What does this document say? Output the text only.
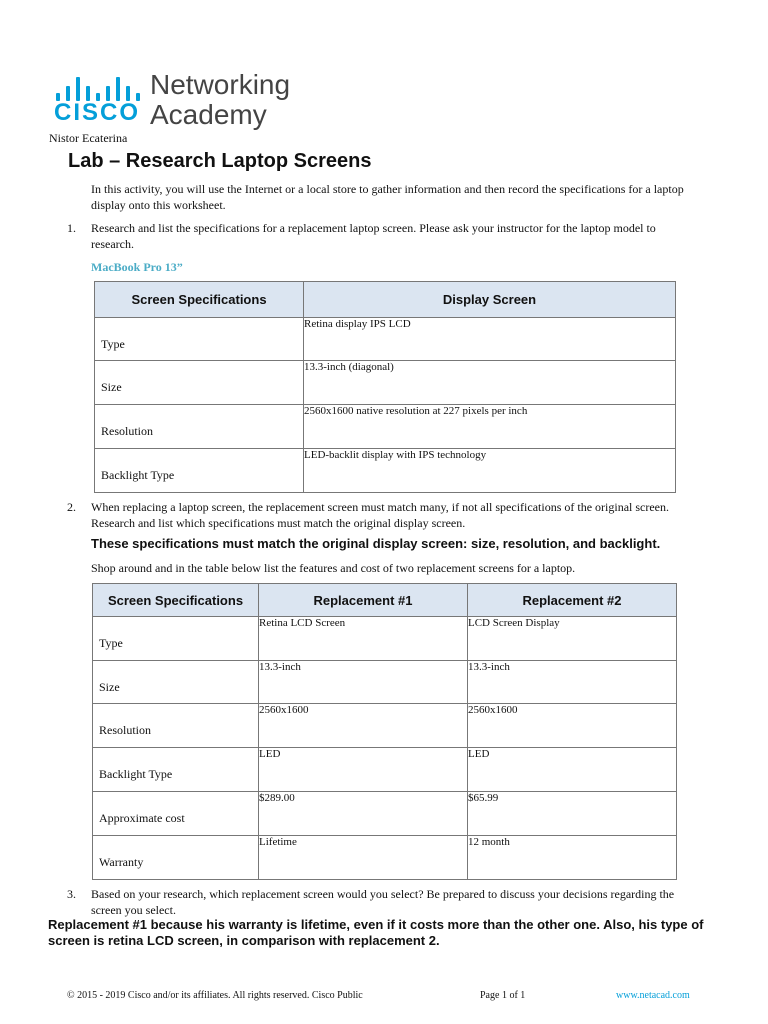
CISCO
Networking
Academy
Nistor Ecaterina
Lab – Research Laptop Screens
In this activity, you will use the Internet or a local store to gather information and then record the specifications for a laptop display onto this worksheet.
1. Research and list the specifications for a replacement laptop screen. Please ask your instructor for the laptop model to research.
MacBook Pro 13”
Screen Specifications	Display Screen
Type	Retina display IPS LCD
Size	13.3-inch (diagonal)
Resolution	2560x1600 native resolution at 227 pixels per inch
Backlight Type	LED-backlit display with IPS technology
2. When replacing a laptop screen, the replacement screen must match many, if not all specifications of the original screen. Research and list which specifications must match the original display screen.
These specifications must match the original display screen: size, resolution, and backlight.
Shop around and in the table below list the features and cost of two replacement screens for a laptop.
Screen Specifications	Replacement #1	Replacement #2
Type	Retina LCD Screen	LCD Screen Display
Size	13.3-inch	13.3-inch
Resolution	2560x1600	2560x1600
Backlight Type	LED	LED
Approximate cost	$289.00	$65.99
Warranty	Lifetime	12 month
3. Based on your research, which replacement screen would you select? Be prepared to discuss your decisions regarding the screen you select.
Replacement #1 because his warranty is lifetime, even if it costs more than the other one. Also, his type of screen is retina LCD screen, in comparison with replacement 2.
© 2015 - 2019 Cisco and/or its affiliates. All rights reserved. Cisco Public	Page 1 of 1	www.netacad.com
